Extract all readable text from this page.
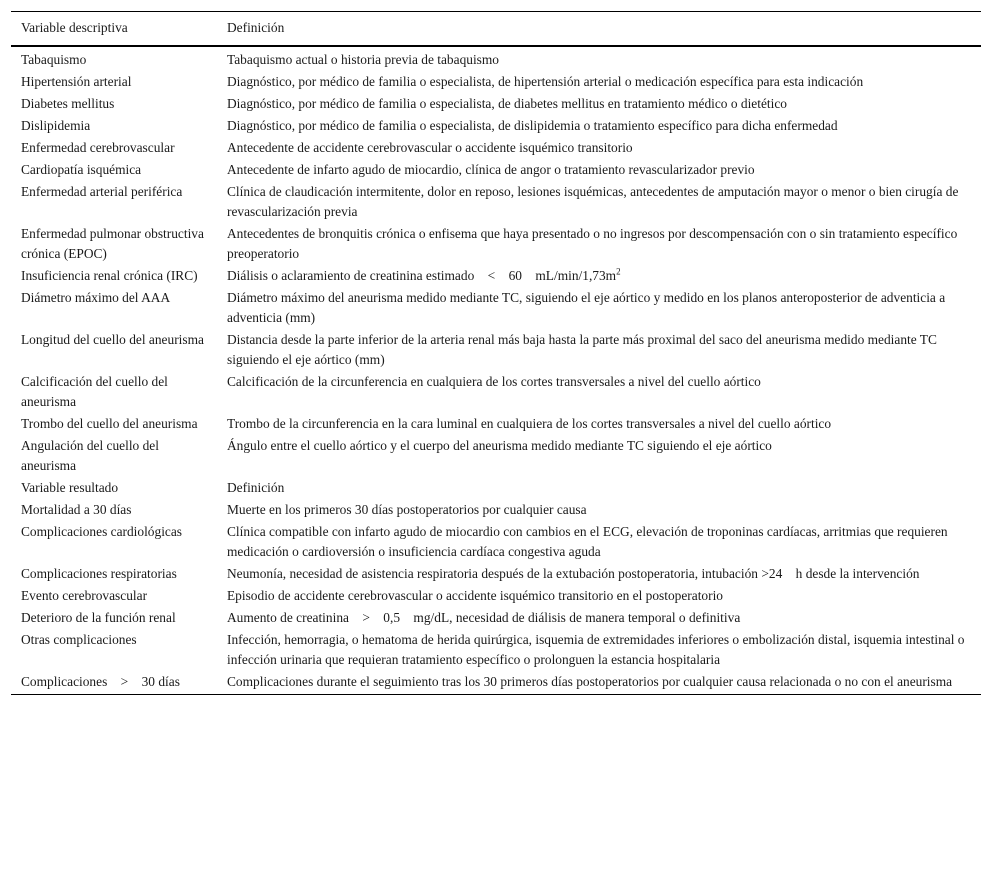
Variable descriptiva	Definición
Tabaquismo	Tabaquismo actual o historia previa de tabaquismo
Hipertensión arterial	Diagnóstico, por médico de familia o especialista, de hipertensión arterial o medicación específica para esta indicación
Diabetes mellitus	Diagnóstico, por médico de familia o especialista, de diabetes mellitus en tratamiento médico o dietético
Dislipidemia	Diagnóstico, por médico de familia o especialista, de dislipidemia o tratamiento específico para dicha enfermedad
Enfermedad cerebrovascular	Antecedente de accidente cerebrovascular o accidente isquémico transitorio
Cardiopatía isquémica	Antecedente de infarto agudo de miocardio, clínica de angor o tratamiento revascularizador previo
Enfermedad arterial periférica	Clínica de claudicación intermitente, dolor en reposo, lesiones isquémicas, antecedentes de amputación mayor o menor o bien cirugía de revascularización previa
Enfermedad pulmonar obstructiva crónica (EPOC)	Antecedentes de bronquitis crónica o enfisema que haya presentado o no ingresos por descompensación con o sin tratamiento específico preoperatorio
Insuficiencia renal crónica (IRC)	Diálisis o aclaramiento de creatinina estimado < 60 $mL/\min/1,73m^2$
Diámetro máximo del AAA	Diámetro máximo del aneurisma medido mediante TC, siguiendo el eje aórtico y medido en los planos anteroposterior de adventicia a adventicia (mm)
Longitud del cuello del aneurisma	Distancia desde la parte inferior de la arteria renal más baja hasta la parte más proximal del saco del aneurisma medido mediante TC siguiendo el eje aórtico (mm)
Calcificación del cuello del aneurisma	Calcificación de la circunferencia en cualquiera de los cortes transversales a nivel del cuello aórtico
Trombo del cuello del aneurisma	Trombo de la circunferencia en la cara luminal en cualquiera de los cortes transversales a nivel del cuello aórtico
Angulación del cuello del aneurisma	Ángulo entre el cuello aórtico y el cuerpo del aneurisma medido mediante TC siguiendo el eje aórtico
Variable resultado	Definición
Mortalidad a 30 días	Muerte en los primeros 30 días postoperatorios por cualquier causa
Complicaciones cardiológicas	Clínica compatible con infarto agudo de miocardio con cambios en el ECG, elevación de troponinas cardíacas, arritmias que requieren medicación o cardioversión o insuficiencia cardíaca congestiva aguda
Complicaciones respiratorias	Neumonía, necesidad de asistencia respiratoria después de la extubación postoperatoria, intubación >24 h desde la intervención
Evento cerebrovascular	Episodio de accidente cerebrovascular o accidente isquémico transitorio en el postoperatorio
Deterioro de la función renal	Aumento de creatinina > 0,5 mg/dL, necesidad de diálisis de manera temporal o definitiva
Otras complicaciones	Infección, hemorragia, o hematoma de herida quirúrgica, isquemia de extremidades inferiores o embolización distal, isquemia intestinal o infección urinaria que requieran tratamiento específico o prolonguen la estancia hospitalaria
Complicaciones > 30 días	Complicaciones durante el seguimiento tras los 30 primeros días postoperatorios por cualquier causa relacionada o no con el aneurisma
